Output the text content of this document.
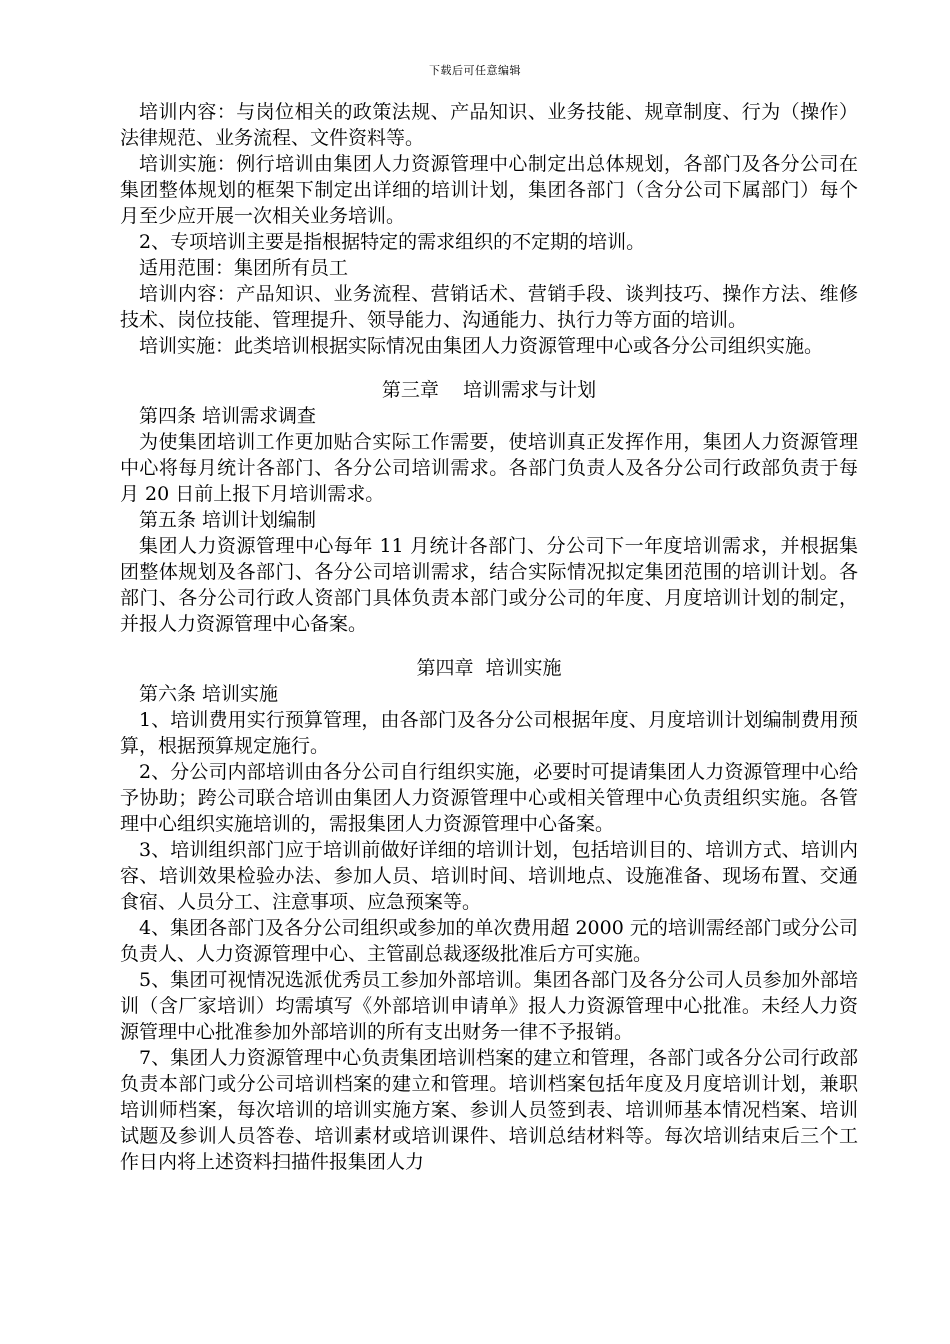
下载后可任意编辑

培训内容：与岗位相关的政策法规、产品知识、业务技能、规章制度、行为（操作）法律规范、业务流程、文件资料等。

培训实施：例行培训由集团人力资源管理中心制定出总体规划，各部门及各分公司在集团整体规划的框架下制定出详细的培训计划，集团各部门（含分公司下属部门）每个月至少应开展一次相关业务培训。

2、专项培训主要是指根据特定的需求组织的不定期的培训。

适用范围：集团所有员工

培训内容：产品知识、业务流程、营销话术、营销手段、谈判技巧、操作方法、维修技术、岗位技能、管理提升、领导能力、沟通能力、执行力等方面的培训。

培训实施：此类培训根据实际情况由集团人力资源管理中心或各分公司组织实施。

第三章    培训需求与计划

第四条 培训需求调查

为使集团培训工作更加贴合实际工作需要，使培训真正发挥作用，集团人力资源管理中心将每月统计各部门、各分公司培训需求。各部门负责人及各分公司行政部负责于每月 20 日前上报下月培训需求。

第五条 培训计划编制

集团人力资源管理中心每年 11 月统计各部门、分公司下一年度培训需求，并根据集团整体规划及各部门、各分公司培训需求，结合实际情况拟定集团范围的培训计划。各部门、各分公司行政人资部门具体负责本部门或分公司的年度、月度培训计划的制定，并报人力资源管理中心备案。

第四章  培训实施

第六条 培训实施

1、培训费用实行预算管理，由各部门及各分公司根据年度、月度培训计划编制费用预算，根据预算规定施行。

2、分公司内部培训由各分公司自行组织实施，必要时可提请集团人力资源管理中心给予协助；跨公司联合培训由集团人力资源管理中心或相关管理中心负责组织实施。各管理中心组织实施培训的，需报集团人力资源管理中心备案。

3、培训组织部门应于培训前做好详细的培训计划，包括培训目的、培训方式、培训内容、培训效果检验办法、参加人员、培训时间、培训地点、设施准备、现场布置、交通食宿、人员分工、注意事项、应急预案等。

4、集团各部门及各分公司组织或参加的单次费用超 2000 元的培训需经部门或分公司负责人、人力资源管理中心、主管副总裁逐级批准后方可实施。

5、集团可视情况选派优秀员工参加外部培训。集团各部门及各分公司人员参加外部培训（含厂家培训）均需填写《外部培训申请单》报人力资源管理中心批准。未经人力资源管理中心批准参加外部培训的所有支出财务一律不予报销。

7、集团人力资源管理中心负责集团培训档案的建立和管理，各部门或各分公司行政部负责本部门或分公司培训档案的建立和管理。培训档案包括年度及月度培训计划，兼职培训师档案，每次培训的培训实施方案、参训人员签到表、培训师基本情况档案、培训试题及参训人员答卷、培训素材或培训课件、培训总结材料等。每次培训结束后三个工作日内将上述资料扫描件报集团人力
